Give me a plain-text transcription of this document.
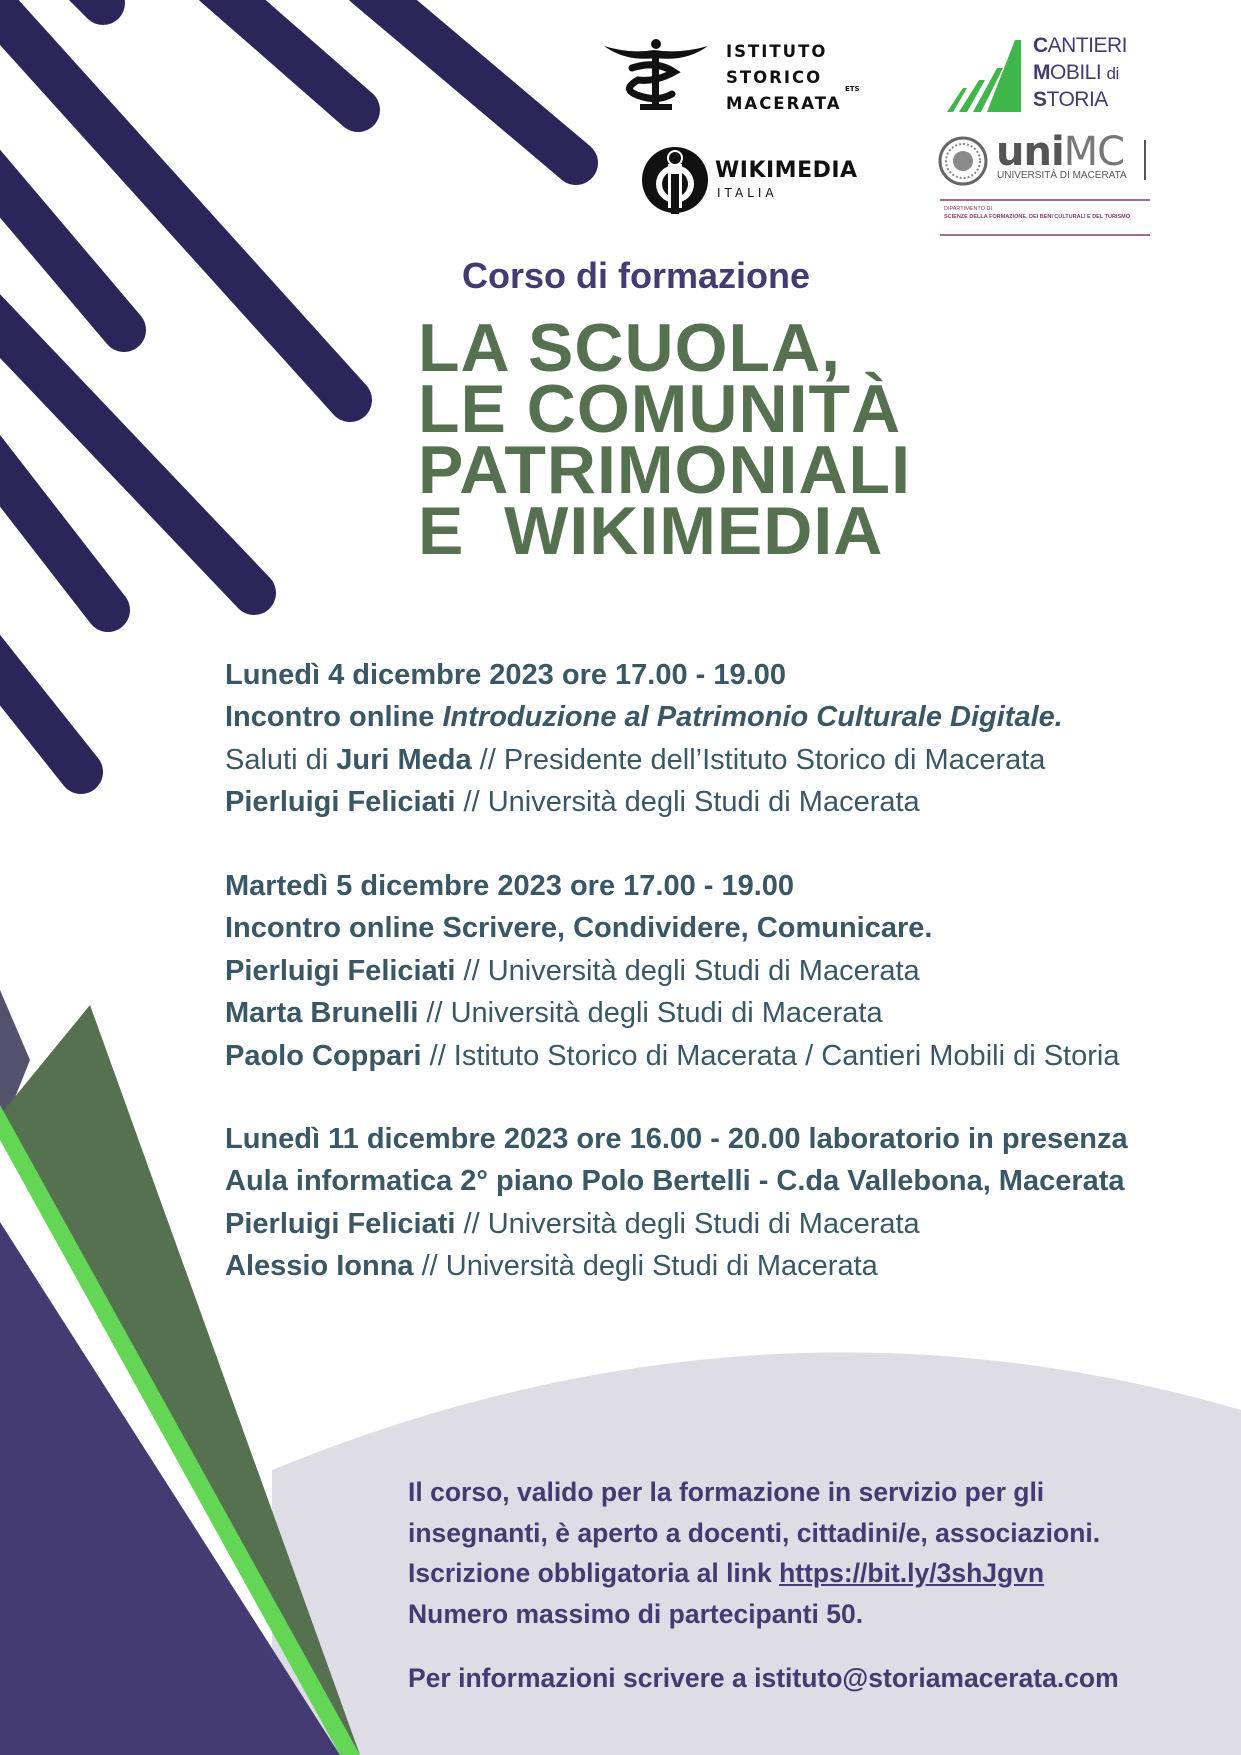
ISTITUTO
STORICO
MACERATA
ETS
CANTIERI
MOBILI di
STORIA
WIKIMEDIA
ITALIA
uniMC
UNIVERSITÀ DI MACERATA
DIPARTIMENTO DI
SCIENZE DELLA FORMAZIONE, DEI BENI CULTURALI E DEL TURISMO
Corso di formazione
LA SCUOLA,
LE COMUNITÀ
PATRIMONIALI
E  WIKIMEDIA
Lunedì 4 dicembre 2023 ore 17.00 - 19.00
Incontro online Introduzione al Patrimonio Culturale Digitale.
Saluti di Juri Meda // Presidente dell’Istituto Storico di Macerata
Pierluigi Feliciati // Università degli Studi di Macerata
Martedì 5 dicembre 2023 ore 17.00 - 19.00
Incontro online Scrivere, Condividere, Comunicare.
Pierluigi Feliciati // Università degli Studi di Macerata
Marta Brunelli // Università degli Studi di Macerata
Paolo Coppari // Istituto Storico di Macerata / Cantieri Mobili di Storia
Lunedì 11 dicembre 2023 ore 16.00 - 20.00 laboratorio in presenza
Aula informatica 2° piano Polo Bertelli - C.da Vallebona, Macerata
Pierluigi Feliciati // Università degli Studi di Macerata
Alessio Ionna // Università degli Studi di Macerata
Il corso, valido per la formazione in servizio per gli
insegnanti, è aperto a docenti, cittadini/e, associazioni.
Iscrizione obbligatoria al link https://bit.ly/3shJgvn
Numero massimo di partecipanti 50.
Per informazioni scrivere a istituto@storiamacerata.com
